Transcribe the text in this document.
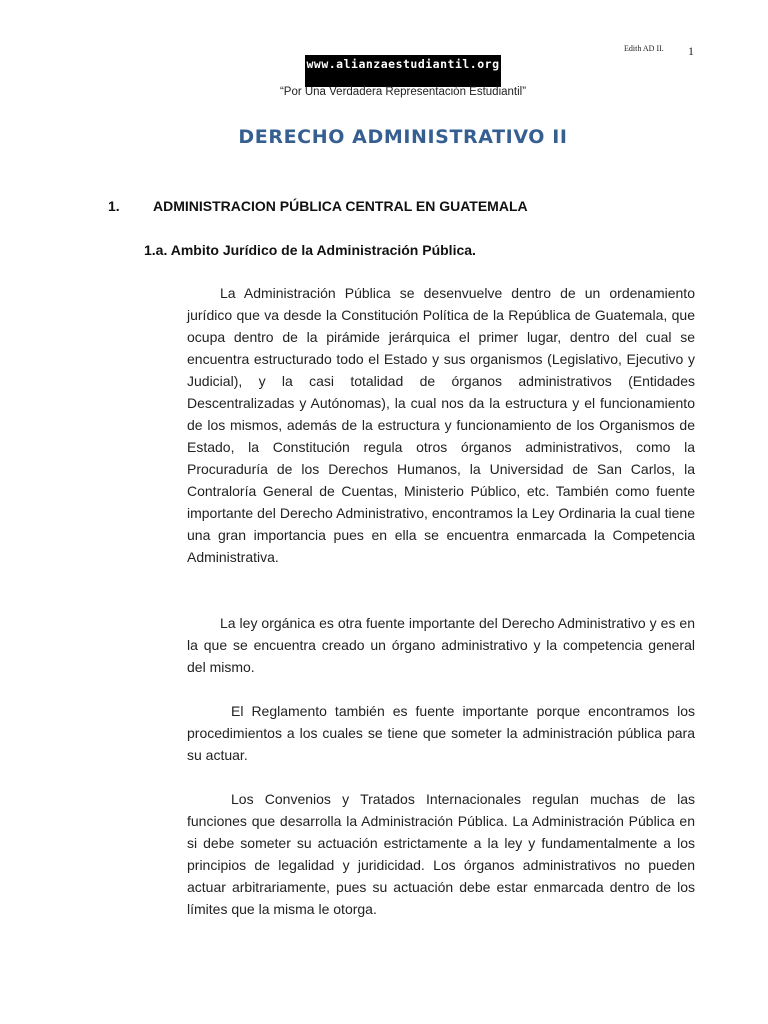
Edith AD II. 1
www.alianzaestudiantil.org
“Por Una Verdadera Representación Estudiantil”
DERECHO ADMINISTRATIVO II
1. ADMINISTRACION PÚBLICA CENTRAL EN GUATEMALA
1.a. Ambito Jurídico de la Administración Pública.

La Administración Pública se desenvuelve dentro de un ordenamiento jurídico que va desde la Constitución Política de la República de Guatemala, que ocupa dentro de la pirámide jerárquica el primer lugar, dentro del cual se encuentra estructurado todo el Estado y sus organismos (Legislativo, Ejecutivo y Judicial), y la casi totalidad de órganos administrativos (Entidades Descentralizadas y Autónomas), la cual nos da la estructura y el funcionamiento de los mismos, además de la estructura y funcionamiento de los Organismos de Estado, la Constitución regula otros órganos administrativos, como la Procuraduría de los Derechos Humanos, la Universidad de San Carlos, la Contraloría General de Cuentas, Ministerio Público, etc. También como fuente importante del Derecho Administrativo, encontramos la Ley Ordinaria la cual tiene una gran importancia pues en ella se encuentra enmarcada la Competencia Administrativa.

La ley orgánica es otra fuente importante del Derecho Administrativo y es en la que se encuentra creado un órgano administrativo y la competencia general del mismo.

El Reglamento también es fuente importante porque encontramos los procedimientos a los cuales se tiene que someter la administración pública para su actuar.

Los Convenios y Tratados Internacionales regulan muchas de las funciones que desarrolla la Administración Pública. La Administración Pública en si debe someter su actuación estrictamente a la ley y fundamentalmente a los principios de legalidad y juridicidad. Los órganos administrativos no pueden actuar arbitrariamente, pues su actuación debe estar enmarcada dentro de los límites que la misma le otorga.
